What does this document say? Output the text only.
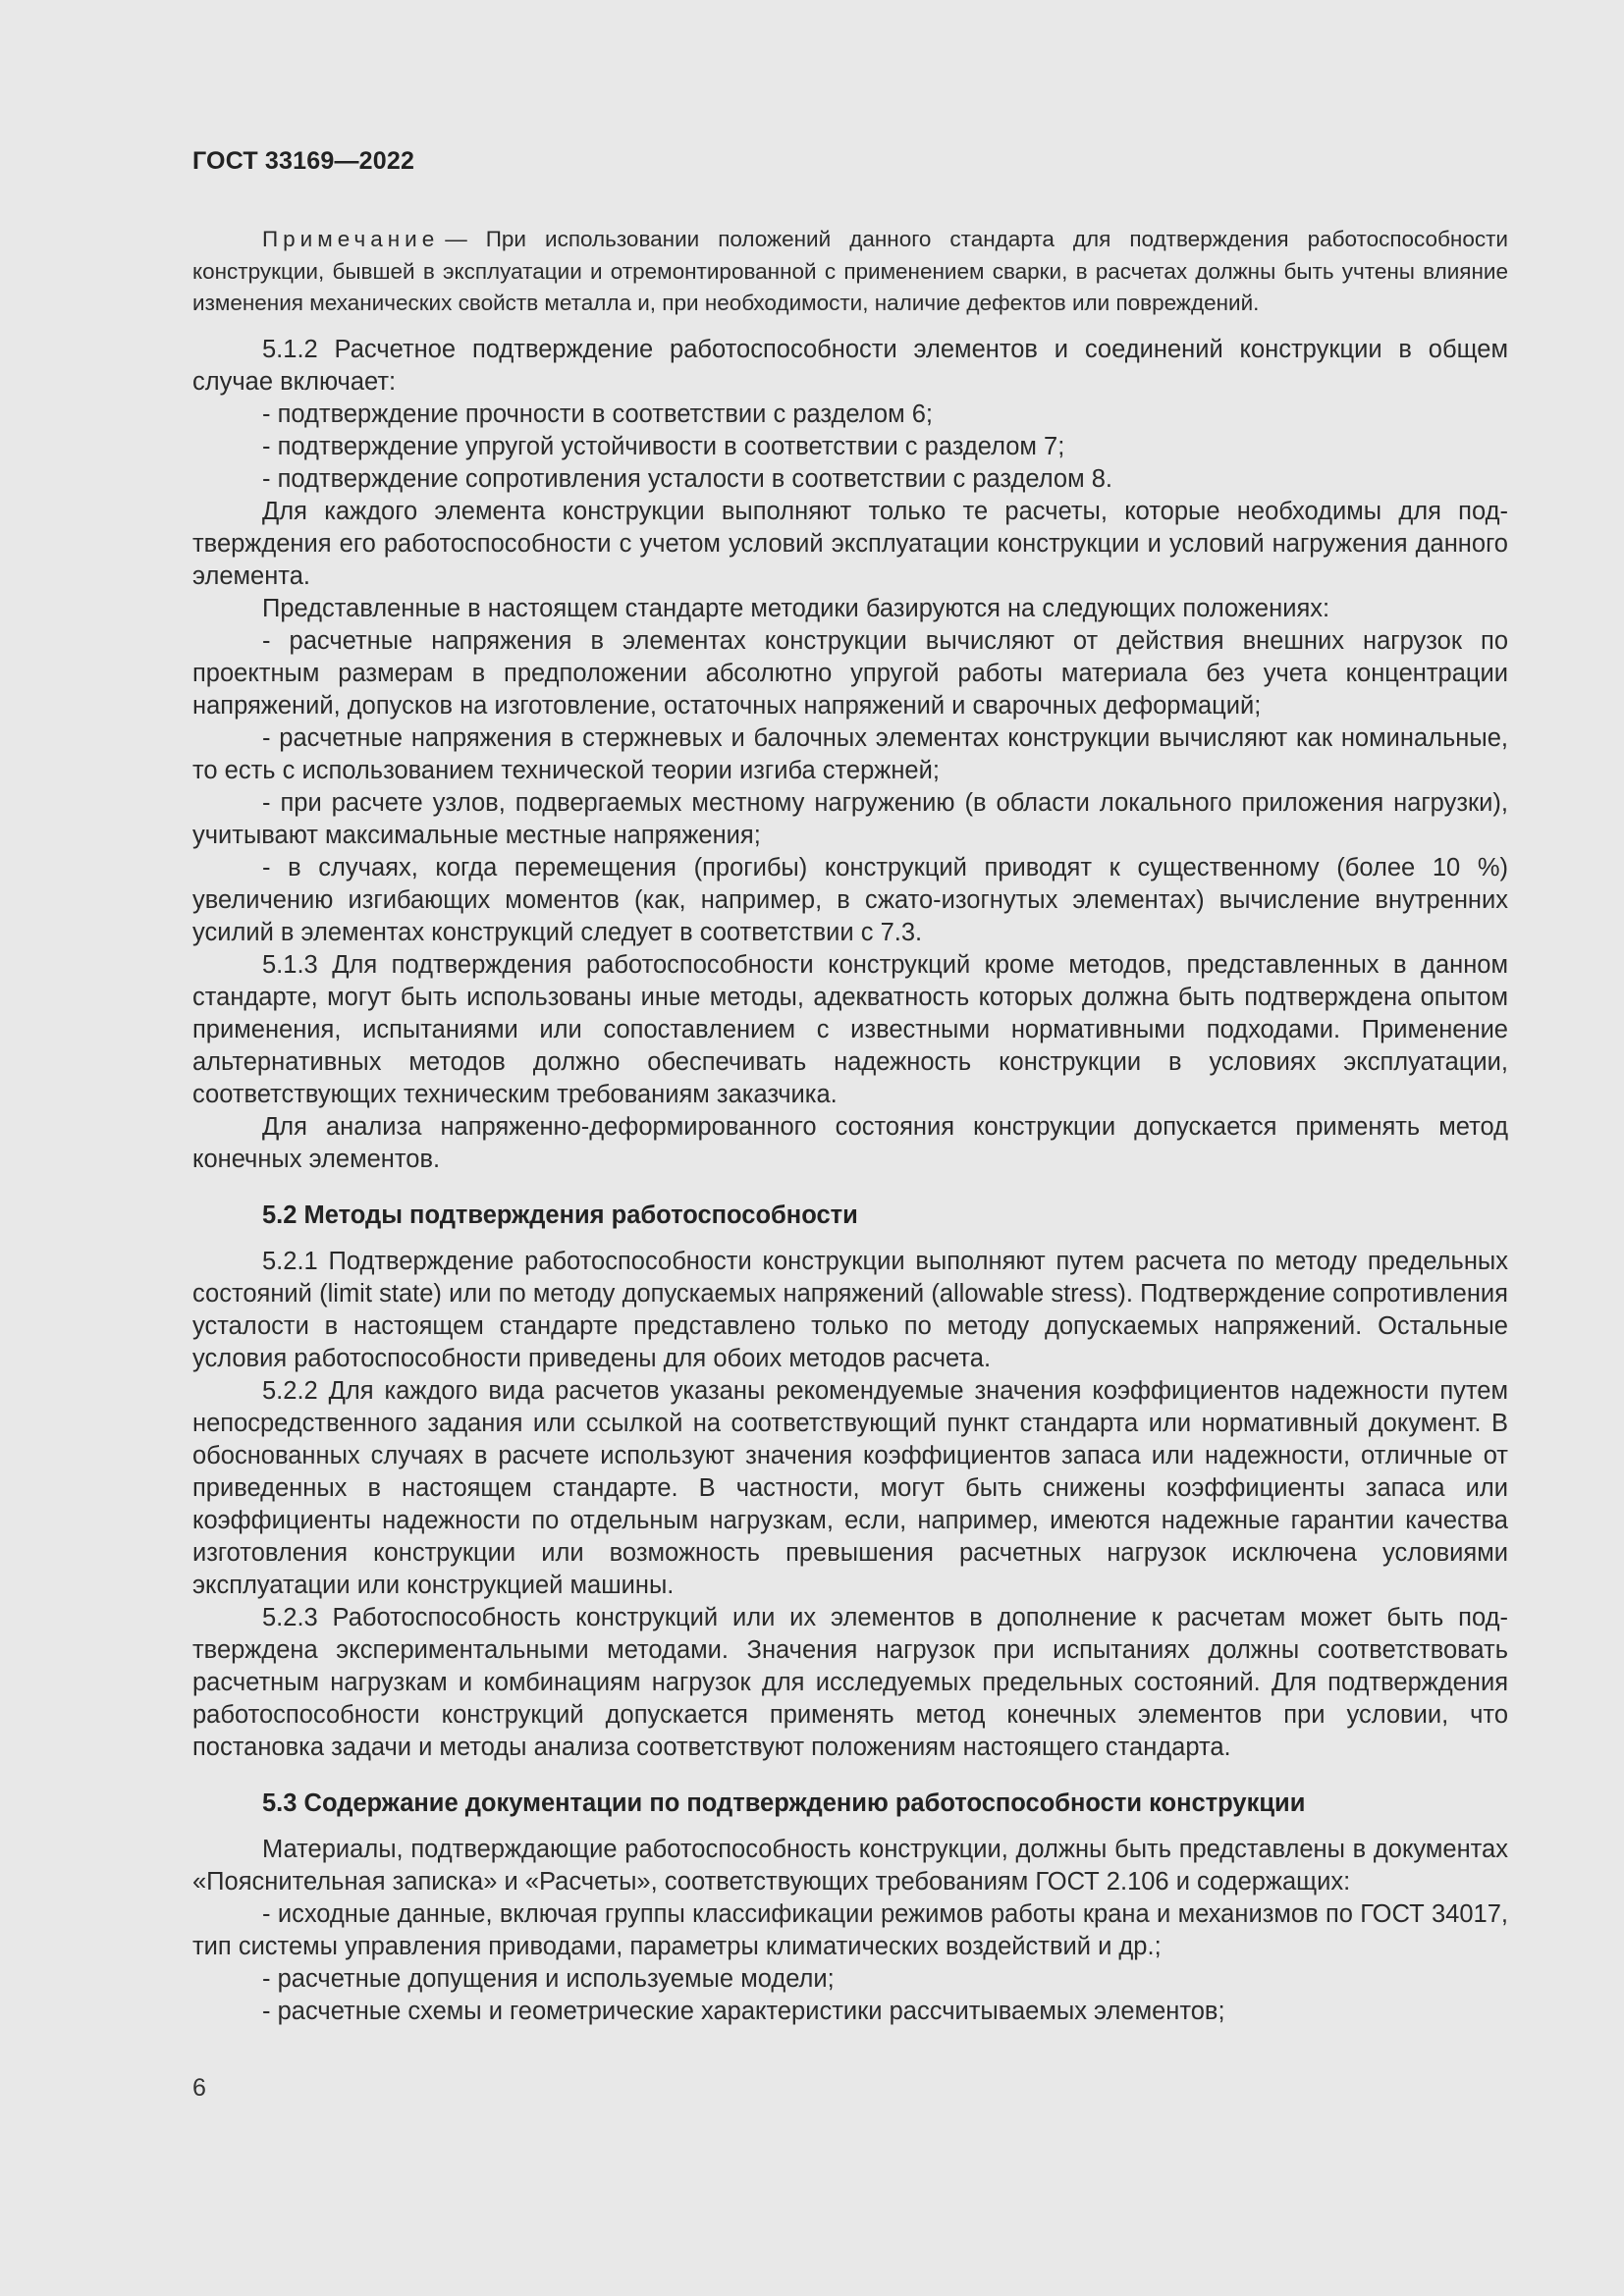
ГОСТ 33169—2022

Примечание — При использовании положений данного стандарта для подтверждения работоспособности конструкции, бывшей в эксплуатации и отремонтированной с применением сварки, в расчетах должны быть учтены влияние изменения механических свойств металла и, при необходимости, наличие дефектов или повреждений.

5.1.2 Расчетное подтверждение работоспособности элементов и соединений конструкции в общем случае включает:

- подтверждение прочности в соответствии с разделом 6;

- подтверждение упругой устойчивости в соответствии с разделом 7;

- подтверждение сопротивления усталости в соответствии с разделом 8.

Для каждого элемента конструкции выполняют только те расчеты, которые необходимы для подтверждения его работоспособности с учетом условий эксплуатации конструкции и условий нагружения данного элемента.

Представленные в настоящем стандарте методики базируются на следующих положениях:

- расчетные напряжения в элементах конструкции вычисляют от действия внешних нагрузок по проектным размерам в предположении абсолютно упругой работы материала без учета концентрации напряжений, допусков на изготовление, остаточных напряжений и сварочных деформаций;

- расчетные напряжения в стержневых и балочных элементах конструкции вычисляют как номинальные, то есть с использованием технической теории изгиба стержней;

- при расчете узлов, подвергаемых местному нагружению (в области локального приложения нагрузки), учитывают максимальные местные напряжения;

- в случаях, когда перемещения (прогибы) конструкций приводят к существенному (более 10 %) увеличению изгибающих моментов (как, например, в сжато-изогнутых элементах) вычисление внутренних усилий в элементах конструкций следует в соответствии с 7.3.

5.1.3 Для подтверждения работоспособности конструкций кроме методов, представленных в данном стандарте, могут быть использованы иные методы, адекватность которых должна быть подтверждена опытом применения, испытаниями или сопоставлением с известными нормативными подходами. Применение альтернативных методов должно обеспечивать надежность конструкции в условиях эксплуатации, соответствующих техническим требованиям заказчика.

Для анализа напряженно-деформированного состояния конструкции допускается применять метод конечных элементов.

5.2 Методы подтверждения работоспособности

5.2.1 Подтверждение работоспособности конструкции выполняют путем расчета по методу предельных состояний (limit state) или по методу допускаемых напряжений (allowable stress). Подтверждение сопротивления усталости в настоящем стандарте представлено только по методу допускаемых напряжений. Остальные условия работоспособности приведены для обоих методов расчета.

5.2.2 Для каждого вида расчетов указаны рекомендуемые значения коэффициентов надежности путем непосредственного задания или ссылкой на соответствующий пункт стандарта или нормативный документ. В обоснованных случаях в расчете используют значения коэффициентов запаса или надежности, отличные от приведенных в настоящем стандарте. В частности, могут быть снижены коэффициенты запаса или коэффициенты надежности по отдельным нагрузкам, если, например, имеются надежные гарантии качества изготовления конструкции или возможность превышения расчетных нагрузок исключена условиями эксплуатации или конструкцией машины.

5.2.3 Работоспособность конструкций или их элементов в дополнение к расчетам может быть подтверждена экспериментальными методами. Значения нагрузок при испытаниях должны соответствовать расчетным нагрузкам и комбинациям нагрузок для исследуемых предельных состояний. Для подтверждения работоспособности конструкций допускается применять метод конечных элементов при условии, что постановка задачи и методы анализа соответствуют положениям настоящего стандарта.

5.3 Содержание документации по подтверждению работоспособности конструкции

Материалы, подтверждающие работоспособность конструкции, должны быть представлены в документах «Пояснительная записка» и «Расчеты», соответствующих требованиям ГОСТ 2.106 и содержащих:

- исходные данные, включая группы классификации режимов работы крана и механизмов по ГОСТ 34017, тип системы управления приводами, параметры климатических воздействий и др.;

- расчетные допущения и используемые модели;

- расчетные схемы и геометрические характеристики рассчитываемых элементов;

6
